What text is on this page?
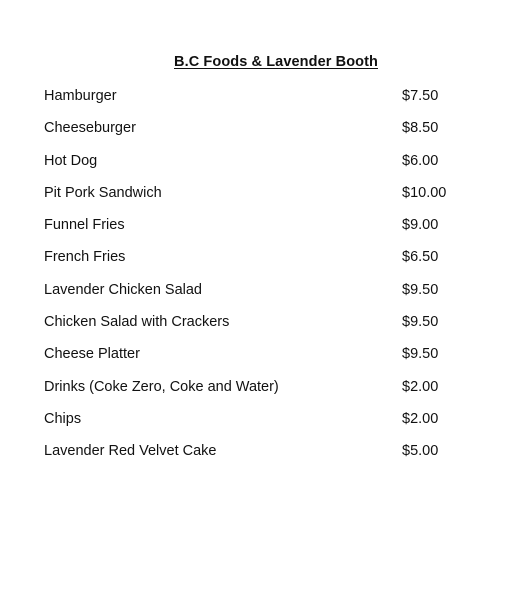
B.C Foods & Lavender Booth
Hamburger	$7.50
Cheeseburger	$8.50
Hot Dog	$6.00
Pit Pork Sandwich	$10.00
Funnel Fries	$9.00
French Fries	$6.50
Lavender Chicken Salad	$9.50
Chicken Salad with Crackers	$9.50
Cheese Platter	$9.50
Drinks (Coke Zero, Coke and Water)	$2.00
Chips	$2.00
Lavender Red Velvet Cake	$5.00
